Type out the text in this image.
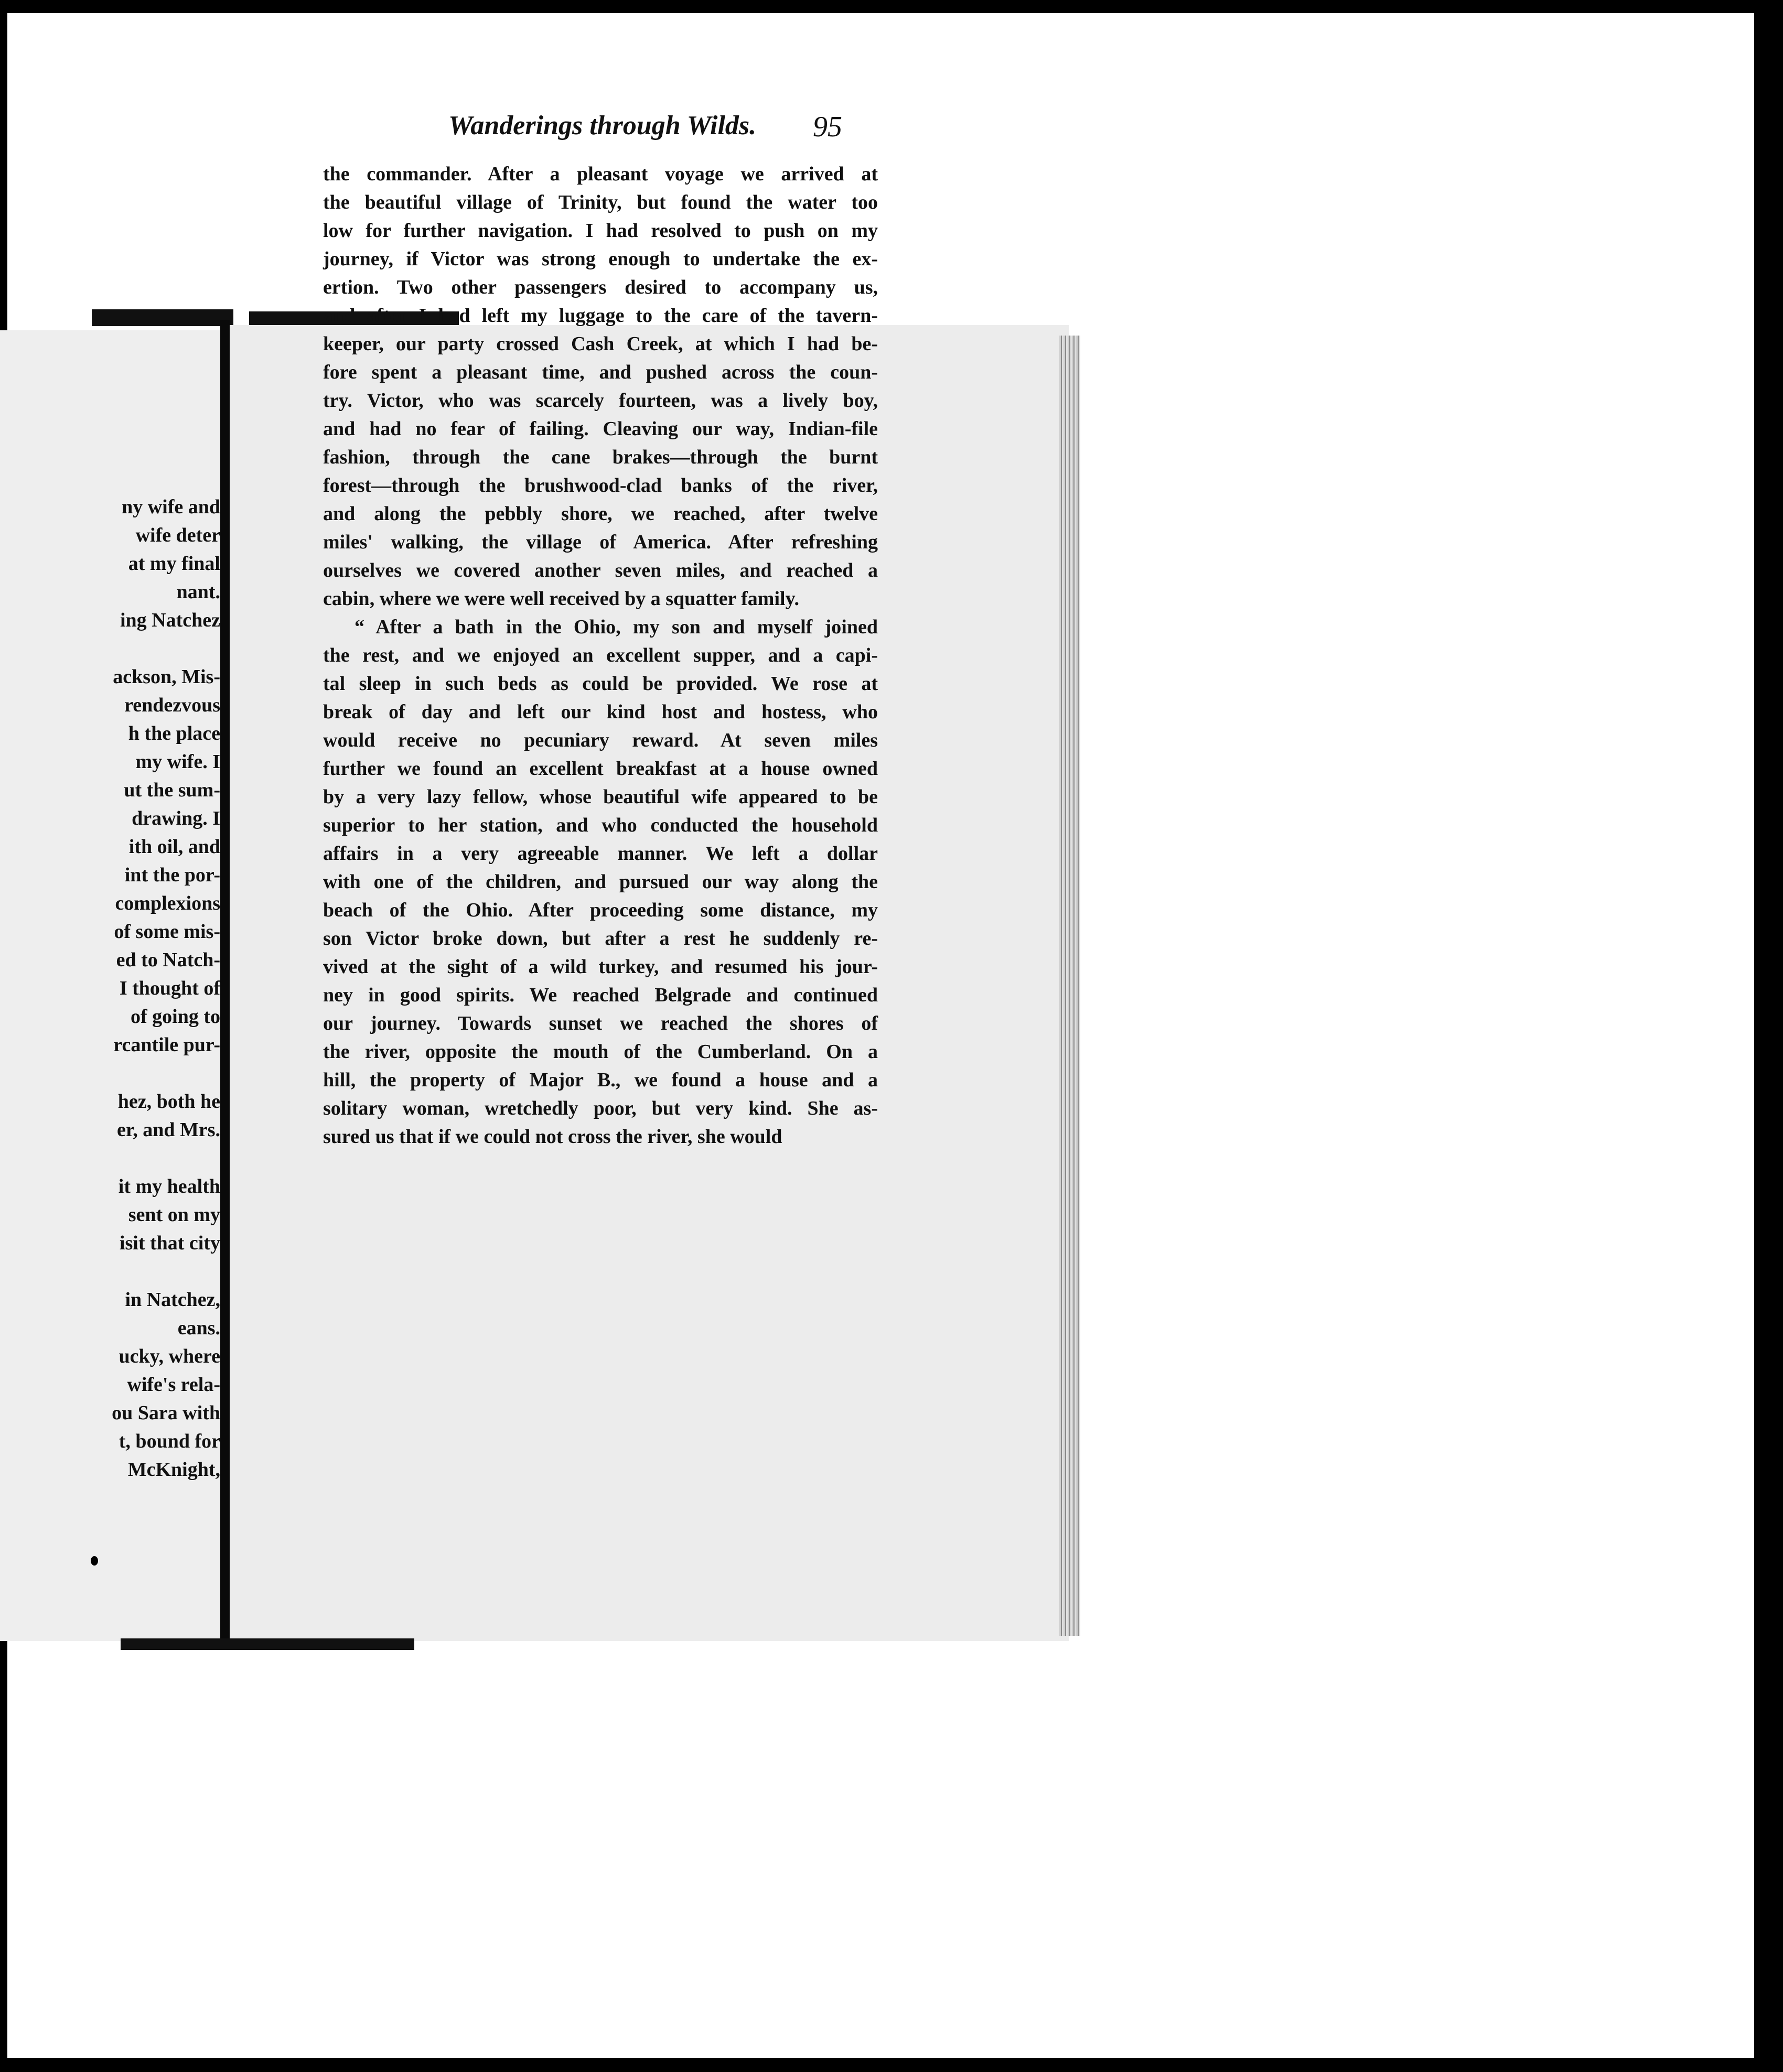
ny wife and
wife deter
at my final
nant.
ing Natchez
ackson, Mis-
rendezvous
h the place
my wife. I
ut the sum-
drawing. I
ith oil, and
int the por-
complexions
of some mis-
ed to Natch-
I thought of
of going to
rcantile pur-
hez, both he
er, and Mrs.
it my health
sent on my
isit that city
in Natchez,
eans.
ucky, where
wife's rela-
ou Sara with
t, bound for
McKnight,
Wanderings through Wilds. 95
the commander. After a pleasant voyage we arrived at
the beautiful village of Trinity, but found the water too
low for further navigation. I had resolved to push on my
journey, if Victor was strong enough to undertake the ex-
ertion. Two other passengers desired to accompany us,
and after I had left my luggage to the care of the tavern-
keeper, our party crossed Cash Creek, at which I had be-
fore spent a pleasant time, and pushed across the coun-
try. Victor, who was scarcely fourteen, was a lively boy,
and had no fear of failing. Cleaving our way, Indian-file
fashion, through the cane brakes—through the burnt
forest—through the brushwood-clad banks of the river,
and along the pebbly shore, we reached, after twelve
miles' walking, the village of America. After refreshing
ourselves we covered another seven miles, and reached a
cabin, where we were well received by a squatter family.
“ After a bath in the Ohio, my son and myself joined
the rest, and we enjoyed an excellent supper, and a capi-
tal sleep in such beds as could be provided. We rose at
break of day and left our kind host and hostess, who
would receive no pecuniary reward. At seven miles
further we found an excellent breakfast at a house owned
by a very lazy fellow, whose beautiful wife appeared to be
superior to her station, and who conducted the household
affairs in a very agreeable manner. We left a dollar
with one of the children, and pursued our way along the
beach of the Ohio. After proceeding some distance, my
son Victor broke down, but after a rest he suddenly re-
vived at the sight of a wild turkey, and resumed his jour-
ney in good spirits. We reached Belgrade and continued
our journey. Towards sunset we reached the shores of
the river, opposite the mouth of the Cumberland. On a
hill, the property of Major B., we found a house and a
solitary woman, wretchedly poor, but very kind. She as-
sured us that if we could not cross the river, she would
